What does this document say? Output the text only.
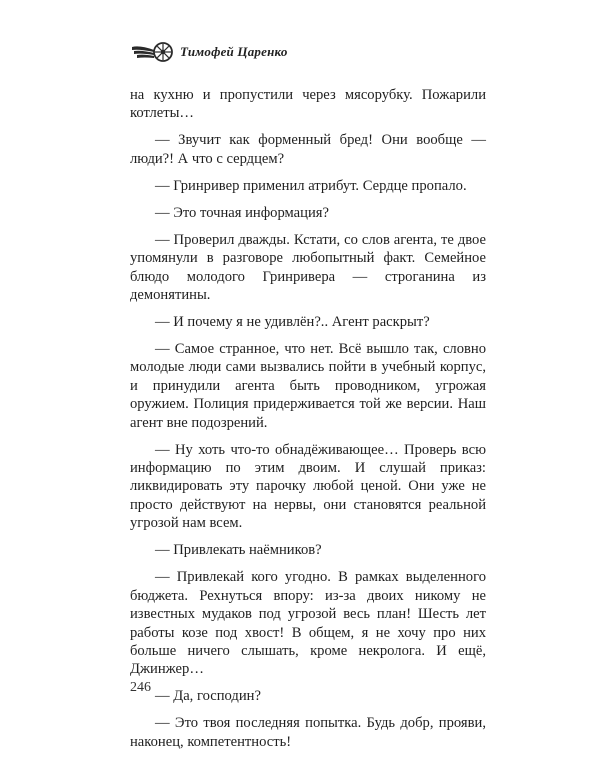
Тимофей Царенко

на кухню и пропустили через мясорубку. Пожарили котлеты…

— Звучит как форменный бред! Они вообще — люди?! А что с сердцем?

— Гринривер применил атрибут. Сердце пропало.

— Это точная информация?

— Проверил дважды. Кстати, со слов агента, те двое упомянули в разговоре любопытный факт. Семейное блюдо молодого Гринривера — строганина из демонятины.

— И почему я не удивлён?.. Агент раскрыт?

— Самое странное, что нет. Всё вышло так, словно молодые люди сами вызвались пойти в учебный корпус, и принудили агента быть проводником, угрожая оружием. Полиция придерживается той же версии. Наш агент вне подозрений.

— Ну хоть что-то обнадёживающее… Проверь всю информацию по этим двоим. И слушай приказ: ликвидировать эту парочку любой ценой. Они уже не просто действуют на нервы, они становятся реальной угрозой нам всем.

— Привлекать наёмников?

— Привлекай кого угодно. В рамках выделенного бюджета. Рехнуться впору: из-за двоих никому не известных мудаков под угрозой весь план! Шесть лет работы козе под хвост! В общем, я не хочу про них больше ничего слышать, кроме некролога. И ещё, Джинжер…

— Да, господин?

— Это твоя последняя попытка. Будь добр, прояви, наконец, компетентность!

246
